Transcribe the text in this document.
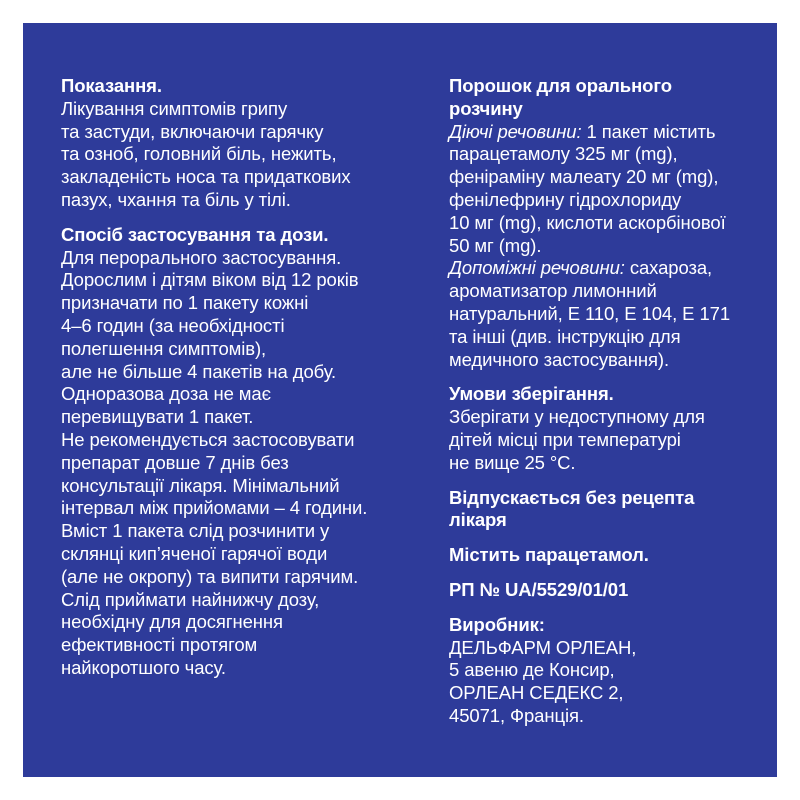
Показання.
Лікування симптомів грипу
та застуди, включаючи гарячку
та озноб, головний біль, нежить,
закладеність носа та придаткових
пазух, чхання та біль у тілі.
Спосіб застосування та дози.
Для перорального застосування.
Дорослим і дітям віком від 12 років
призначати по 1 пакету кожні
4–6 годин (за необхідності
полегшення симптомів),
але не більше 4 пакетів на добу.
Одноразова доза не має
перевищувати 1 пакет.
Не рекомендується застосовувати
препарат довше 7 днів без
консультації лікаря. Мінімальний
інтервал між прийомами – 4 години.
Вміст 1 пакета слід розчинити у
склянці кип’яченої гарячої води
(але не окропу) та випити гарячим.
Слід приймати найнижчу дозу,
необхідну для досягнення
ефективності протягом
найкоротшого часу.
Порошок для орального
розчину
Діючі речовини: 1 пакет містить
парацетамолу 325 мг (mg),
феніраміну малеату 20 мг (mg),
фенілефрину гідрохлориду
10 мг (mg), кислоти аскорбінової
50 мг (mg).
Допоміжні речовини: сахароза,
ароматизатор лимонний
натуральний, Е 110, Е 104, Е 171
та інші (див. інструкцію для
медичного застосування).
Умови зберігання.
Зберігати у недоступному для
дітей місці при температурі
не вище 25 °С.
Відпускається без рецепта
лікаря
Містить парацетамол.
РП № UA/5529/01/01
Виробник:
ДЕЛЬФАРМ ОРЛЕАН,
5 авеню де Консир,
ОРЛЕАН СЕДЕКС 2,
45071, Франція.
